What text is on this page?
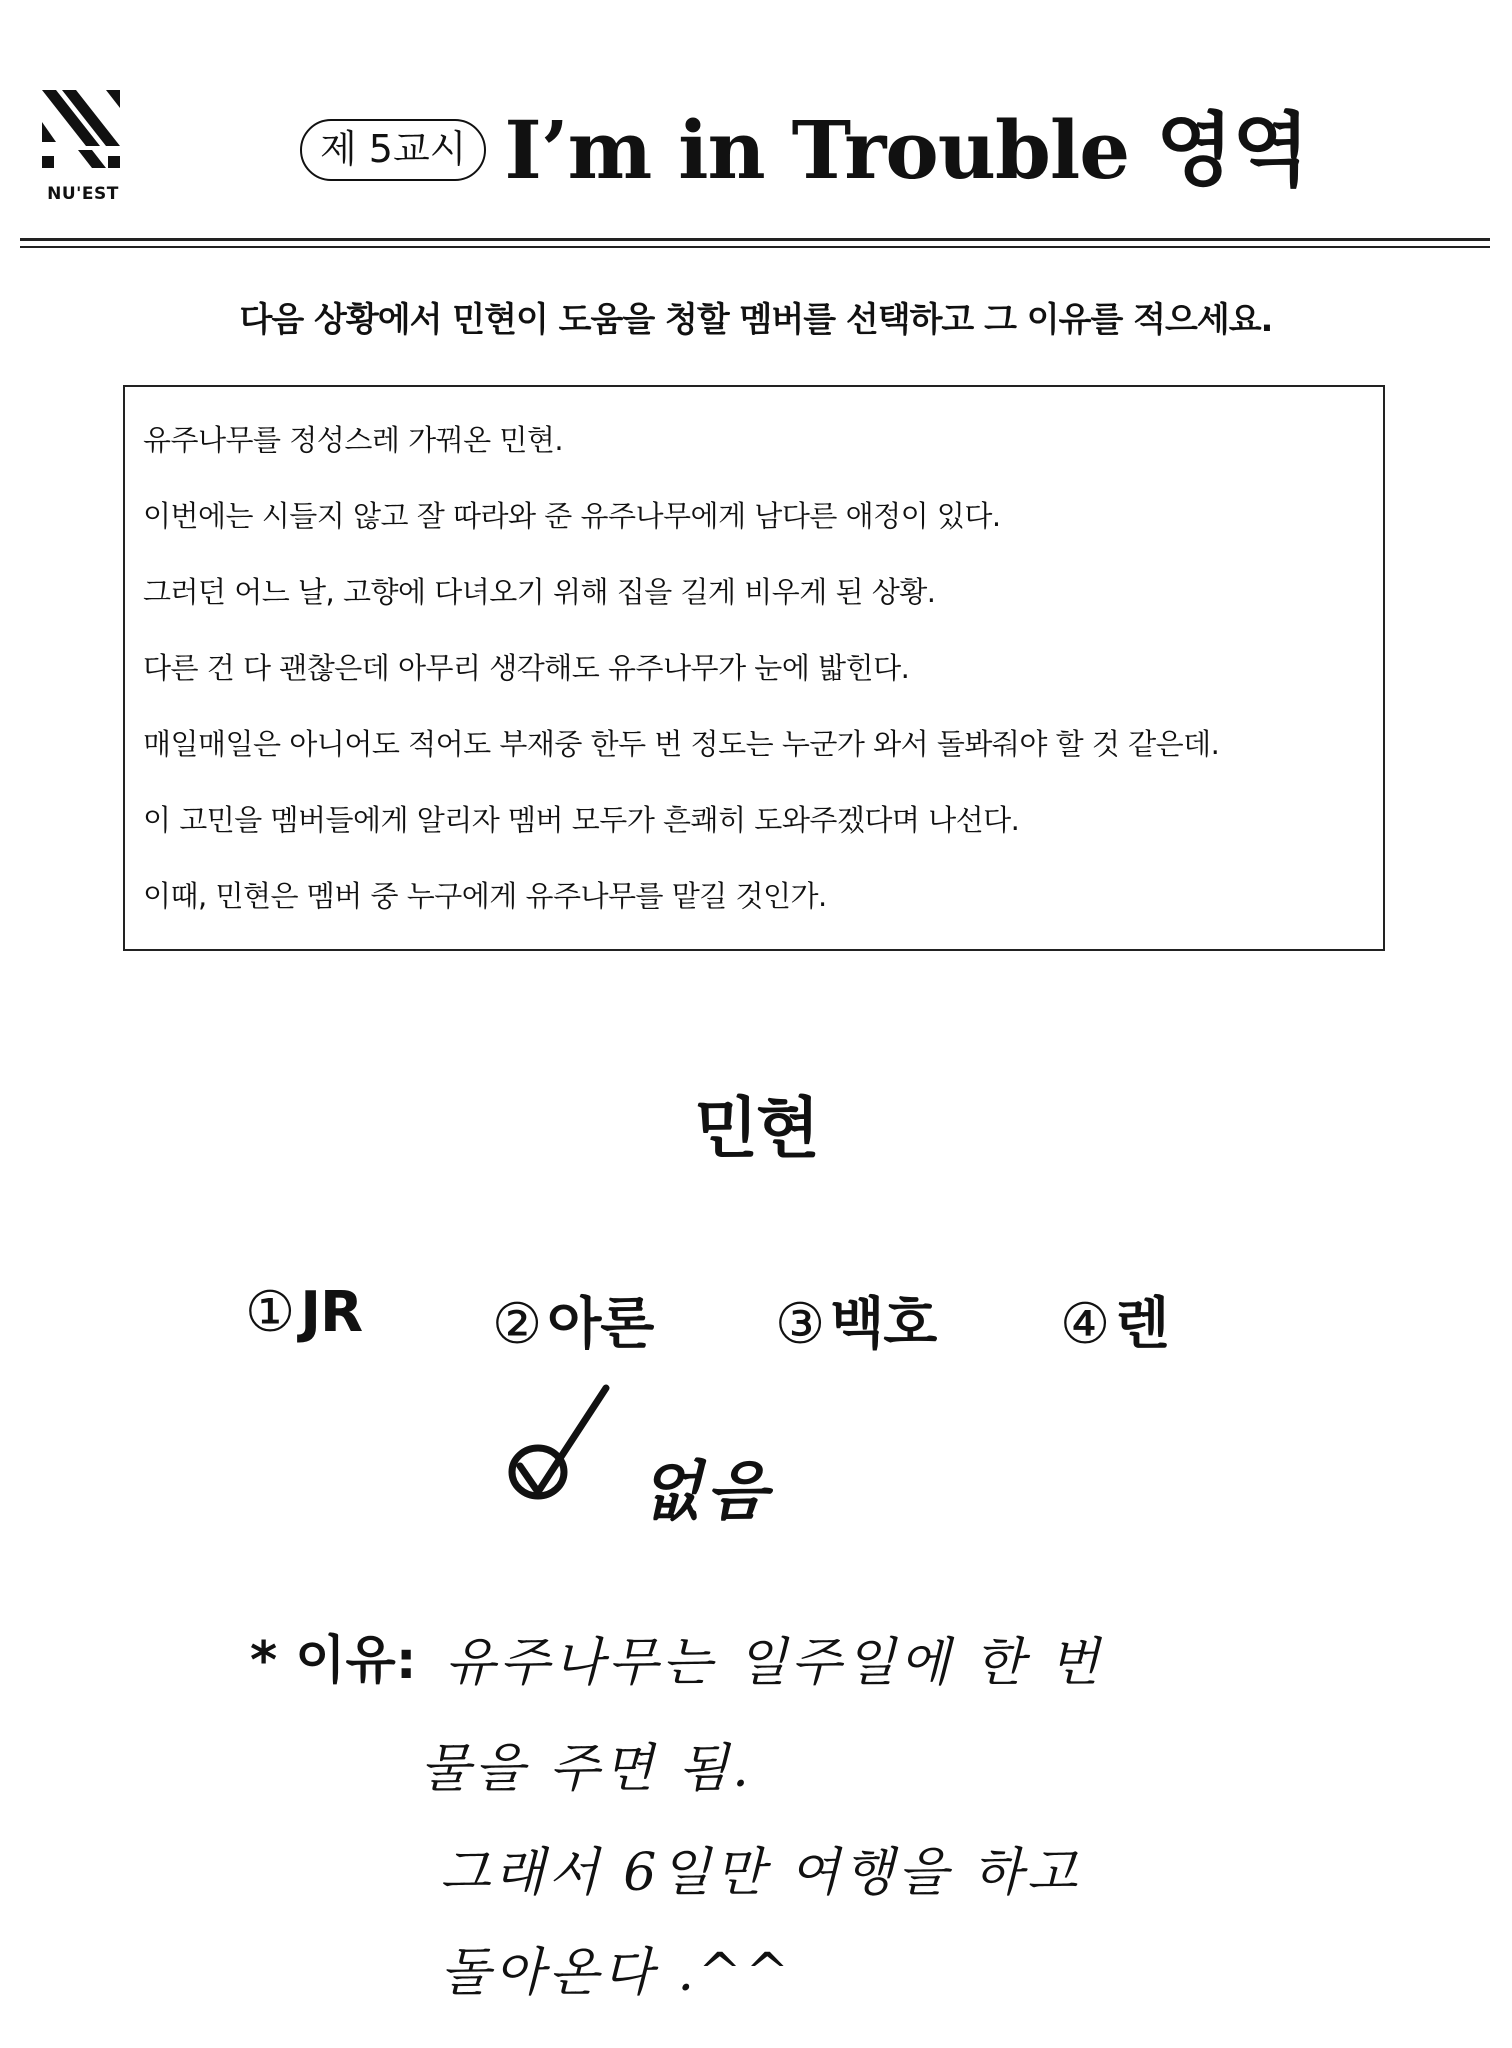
NU'EST
제 5교시 I’m in Trouble 영역
다음 상황에서 민현이 도움을 청할 멤버를 선택하고 그 이유를 적으세요.
유주나무를 정성스레 가꿔온 민현.
이번에는 시들지 않고 잘 따라와 준 유주나무에게 남다른 애정이 있다.
그러던 어느 날, 고향에 다녀오기 위해 집을 길게 비우게 된 상황.
다른 건 다 괜찮은데 아무리 생각해도 유주나무가 눈에 밟힌다.
매일매일은 아니어도 적어도 부재중 한두 번 정도는 누군가 와서 돌봐줘야 할 것 같은데.
이 고민을 멤버들에게 알리자 멤버 모두가 흔쾌히 도와주겠다며 나선다.
이때, 민현은 멤버 중 누구에게 유주나무를 맡길 것인가.
민현
① JR ② 아론 ③ 백호 ④ 렌
없음
* 이유: 유주나무는 일주일에 한 번
물을 주면 됨.
그래서 6일만 여행을 하고
돌아온다 .^^
